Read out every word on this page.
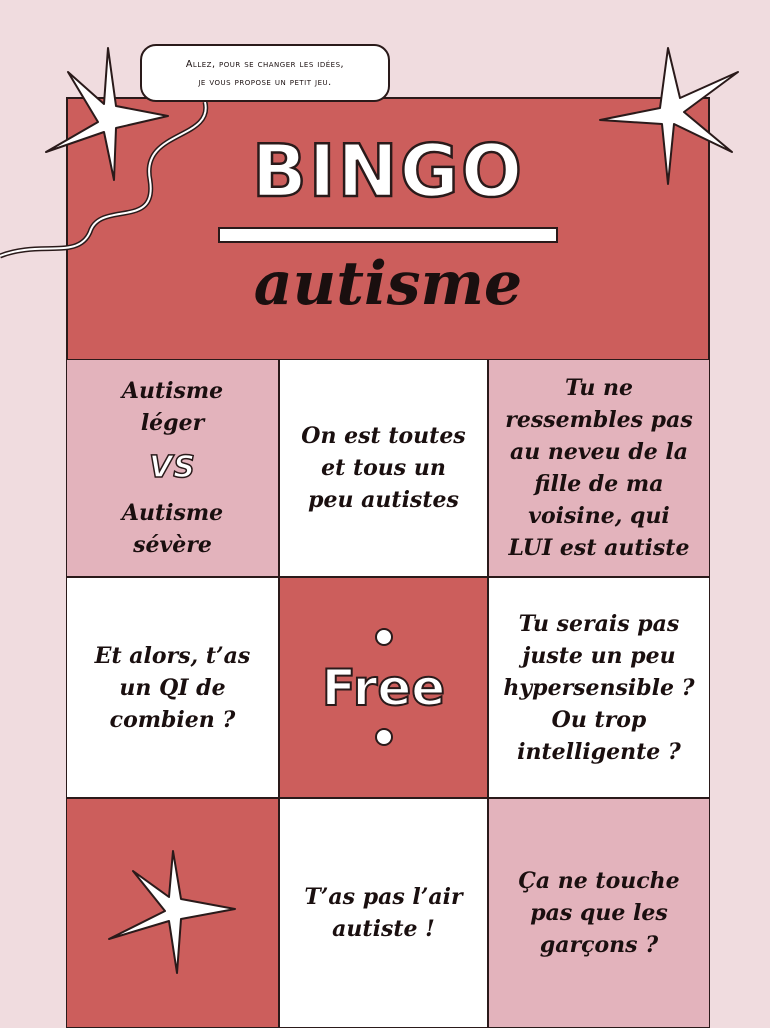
BINGO
autisme
Autisme léger
VS
Autisme sévère
On est toutes et tous un peu autistes
Tu ne ressembles pas au neveu de la fille de ma voisine, qui LUI est autiste
Et alors, t’as un QI de combien ?
Free
Tu serais pas juste un peu hypersensible ? Ou trop intelligente ?
T’as pas l’air autiste !
Ça ne touche pas que les garçons ?
Allez, pour se changer les idées,
je vous propose un petit jeu.
